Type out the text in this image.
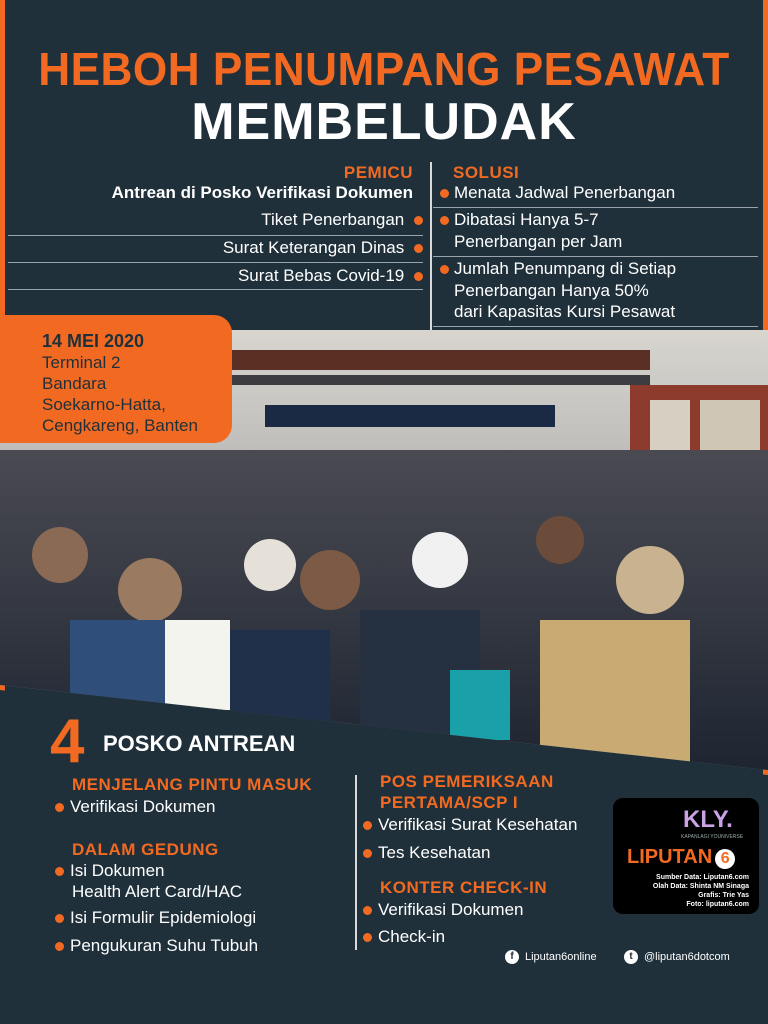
HEBOH PENUMPANG PESAWAT
MEMBELUDAK
PEMICU
Antrean di Posko Verifikasi Dokumen
Tiket Penerbangan
Surat Keterangan Dinas
Surat Bebas Covid-19
SOLUSI
Menata Jadwal Penerbangan
Dibatasi Hanya 5-7
Penerbangan per Jam
Jumlah Penumpang di Setiap
Penerbangan Hanya 50%
dari Kapasitas Kursi Pesawat
14 MEI 2020
Terminal 2
Bandara
Soekarno-Hatta,
Cengkareng, Banten
4 POSKO ANTREAN
MENJELANG PINTU MASUK
Verifikasi Dokumen
DALAM GEDUNG
Isi Dokumen
Health Alert Card/HAC
Isi Formulir Epidemiologi
Pengukuran Suhu Tubuh
POS PEMERIKSAAN
PERTAMA/SCP I
Verifikasi Surat Kesehatan
Tes Kesehatan
KONTER CHECK-IN
Verifikasi Dokumen
Check-in
KLY.
KAPANLAGI YOUNIVERSE
LIPUTAN 6
Sumber Data: Liputan6.com
Olah Data: Shinta NM Sinaga
Grafis: Trie Yas
Foto: liputan6.com
f Liputan6online	t @liputan6dotcom
